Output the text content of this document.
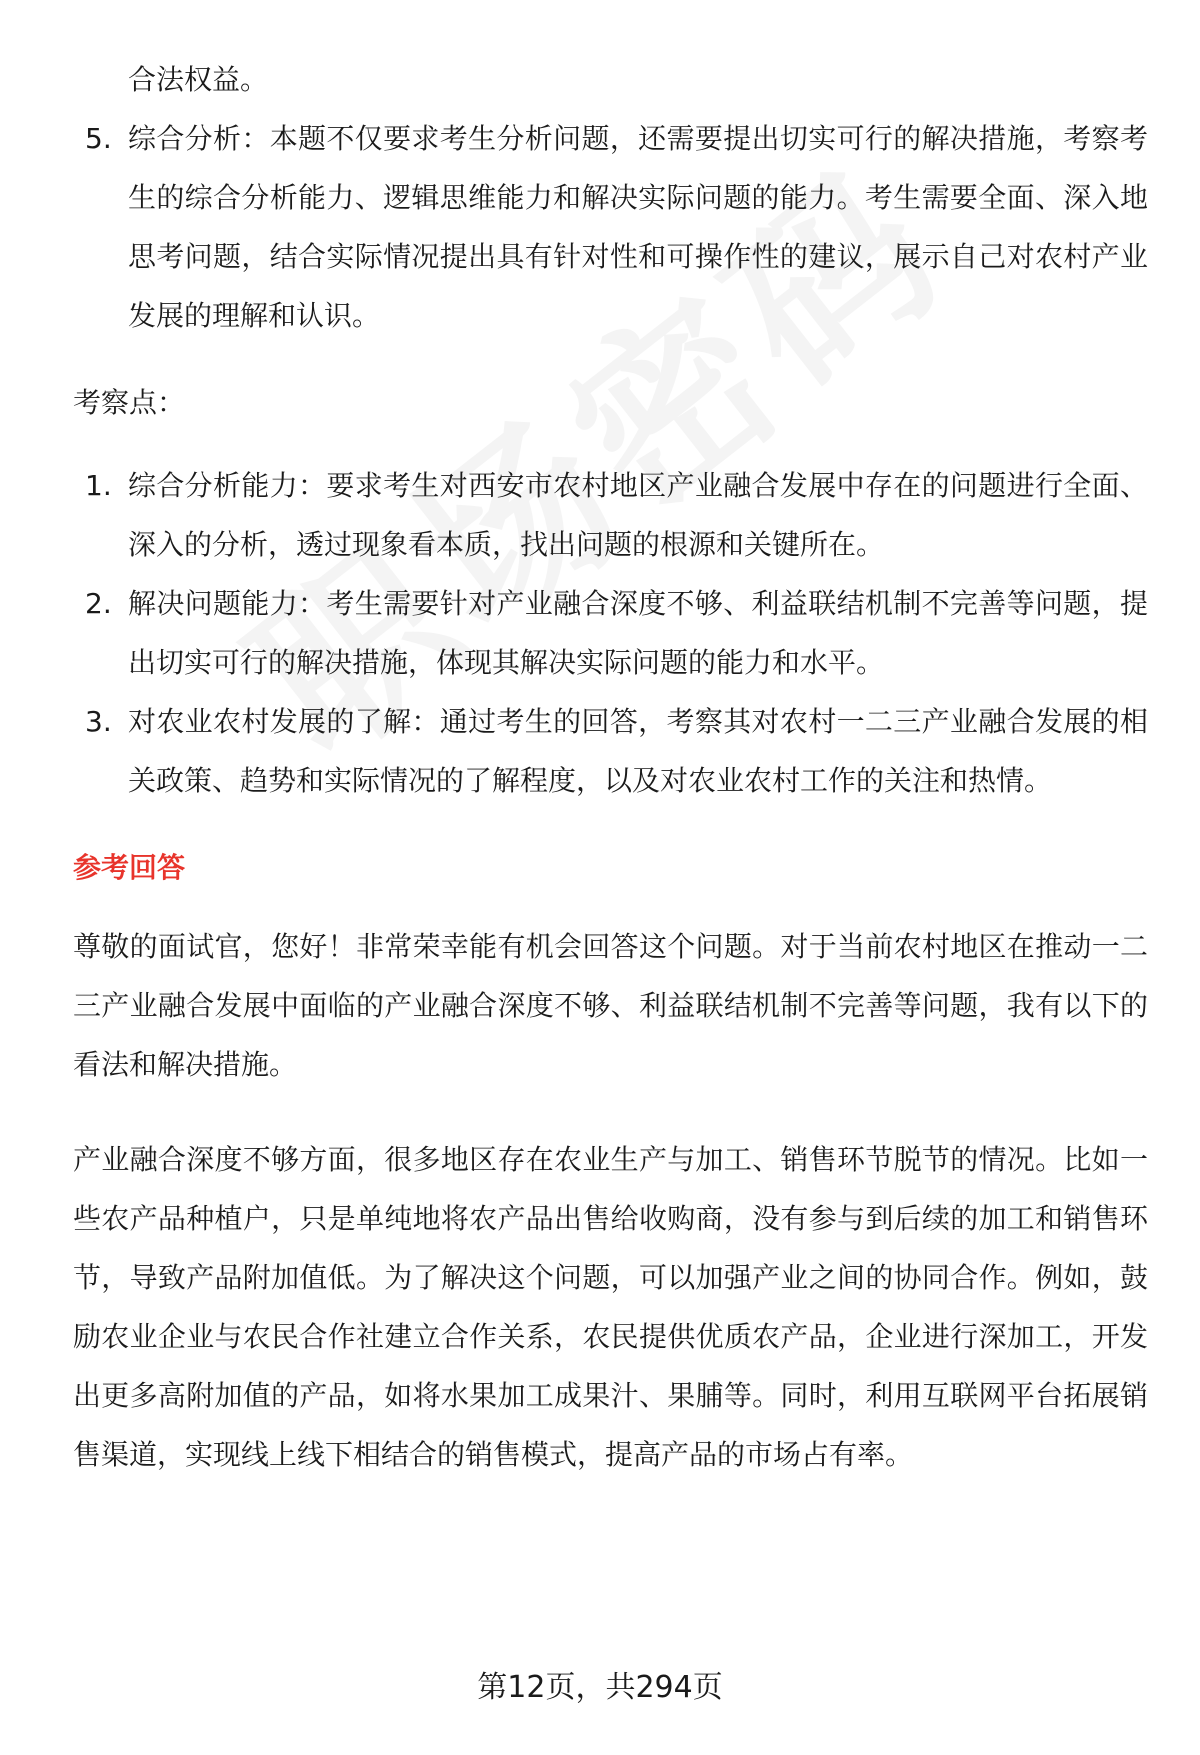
合法权益。

5. 综合分析：本题不仅要求考生分析问题，还需要提出切实可行的解决措施，考察考生的综合分析能力、逻辑思维能力和解决实际问题的能力。考生需要全面、深入地思考问题，结合实际情况提出具有针对性和可操作性的建议，展示自己对农村产业发展的理解和认识。

考察点：

1. 综合分析能力：要求考生对西安市农村地区产业融合发展中存在的问题进行全面、深入的分析，透过现象看本质，找出问题的根源和关键所在。
2. 解决问题能力：考生需要针对产业融合深度不够、利益联结机制不完善等问题，提出切实可行的解决措施，体现其解决实际问题的能力和水平。
3. 对农业农村发展的了解：通过考生的回答，考察其对农村一二三产业融合发展的相关政策、趋势和实际情况的了解程度，以及对农业农村工作的关注和热情。
参考回答

尊敬的面试官，您好！非常荣幸能有机会回答这个问题。对于当前农村地区在推动一二三产业融合发展中面临的产业融合深度不够、利益联结机制不完善等问题，我有以下的看法和解决措施。

产业融合深度不够方面，很多地区存在农业生产与加工、销售环节脱节的情况。比如一些农产品种植户，只是单纯地将农产品出售给收购商，没有参与到后续的加工和销售环节，导致产品附加值低。为了解决这个问题，可以加强产业之间的协同合作。例如，鼓励农业企业与农民合作社建立合作关系，农民提供优质农产品，企业进行深加工，开发出更多高附加值的产品，如将水果加工成果汁、果脯等。同时，利用互联网平台拓展销售渠道，实现线上线下相结合的销售模式，提高产品的市场占有率。

第12页，共294页
